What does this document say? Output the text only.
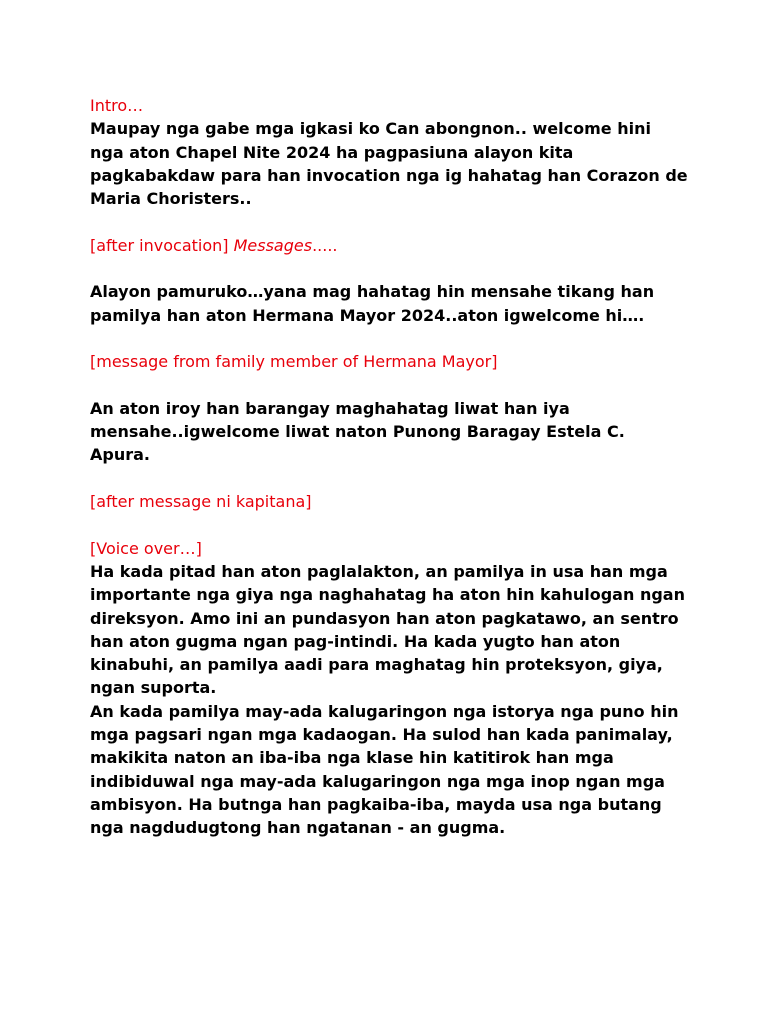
Intro…

Maupay nga gabe mga igkasi ko Can abongnon.. welcome hini nga aton Chapel Nite 2024 ha pagpasiuna alayon kita pagkabakdaw para han invocation nga ig hahatag han Corazon de Maria Choristers..

[after invocation] Messages.....

Alayon pamuruko…yana mag hahatag hin mensahe tikang han pamilya han aton Hermana Mayor 2024..aton igwelcome hi….

[message from family member of Hermana Mayor]

An aton iroy han barangay maghahatag liwat han iya mensahe..igwelcome liwat naton Punong Baragay Estela C. Apura.

[after message ni kapitana]

[Voice over…]

Ha kada pitad han aton paglalakton, an pamilya in usa han mga importante nga giya nga naghahatag ha aton hin kahulogan ngan direksyon. Amo ini an pundasyon han aton pagkatawo, an sentro han aton gugma ngan pag-intindi. Ha kada yugto han aton kinabuhi, an pamilya aadi para maghatag hin proteksyon, giya, ngan suporta.

An kada pamilya may-ada kalugaringon nga istorya nga puno hin mga pagsari ngan mga kadaogan. Ha sulod han kada panimalay, makikita naton an iba-iba nga klase hin katitirok han mga indibiduwal nga may-ada kalugaringon nga mga inop ngan mga ambisyon. Ha butnga han pagkaiba-iba, mayda usa nga butang nga nagdudugtong han ngatanan - an gugma.
